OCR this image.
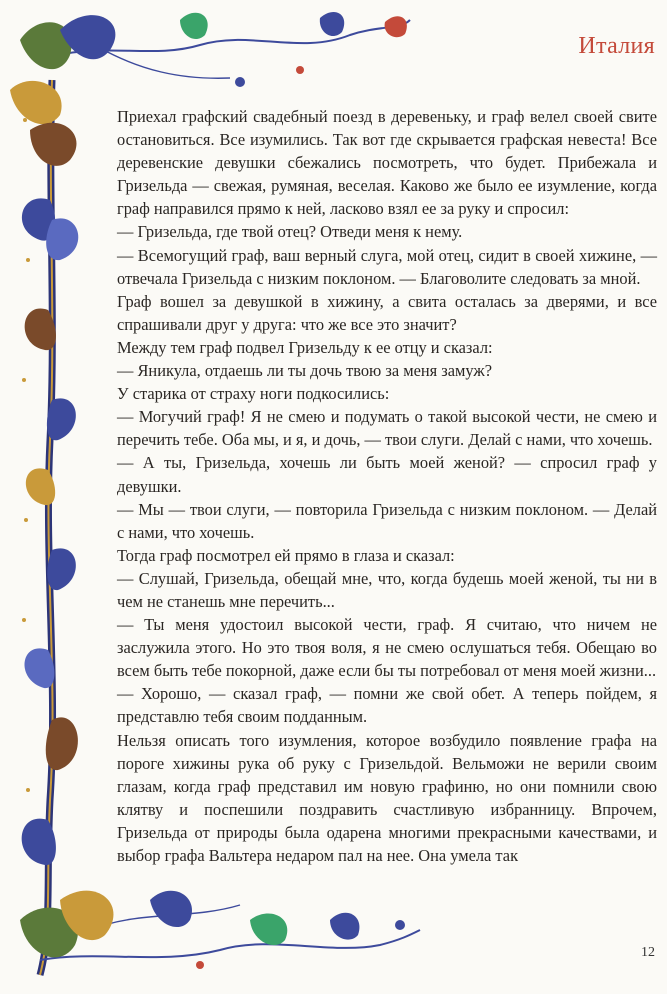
Италия

Приехал графский свадебный поезд в деревеньку, и граф велел своей свите остановиться. Все изумились. Так вот где скрывается графская невеста! Все деревенские девушки сбежались посмотреть, что будет. Прибежала и Гризельда — свежая, румяная, веселая. Каково же было ее изумление, когда граф направился прямо к ней, ласково взял ее за руку и спросил:

— Гризельда, где твой отец? Отведи меня к нему.

— Всемогущий граф, ваш верный слуга, мой отец, сидит в своей хижине, — отвечала Гризельда с низким поклоном. — Благоволите следовать за мной.

Граф вошел за девушкой в хижину, а свита осталась за дверями, и все спрашивали друг у друга: что же все это значит?

Между тем граф подвел Гризельду к ее отцу и сказал:

— Яникула, отдаешь ли ты дочь твою за меня замуж?

У старика от страху ноги подкосились:

— Могучий граф! Я не смею и подумать о такой высокой чести, не смею и перечить тебе. Оба мы, и я, и дочь, — твои слуги. Делай с нами, что хочешь.

— А ты, Гризельда, хочешь ли быть моей женой? — спросил граф у девушки.

— Мы — твои слуги, — повторила Гризельда с низким поклоном. — Делай с нами, что хочешь.

Тогда граф посмотрел ей прямо в глаза и сказал:

— Слушай, Гризельда, обещай мне, что, когда будешь моей женой, ты ни в чем не станешь мне перечить...

— Ты меня удостоил высокой чести, граф. Я считаю, что ничем не заслужила этого. Но это твоя воля, я не смею ослушаться тебя. Обещаю во всем быть тебе покорной, даже если бы ты потребовал от меня моей жизни...

— Хорошо, — сказал граф, — помни же свой обет. А теперь пойдем, я представлю тебя своим подданным.

Нельзя описать того изумления, которое возбудило появление графа на пороге хижины рука об руку с Гризельдой. Вельможи не верили своим глазам, когда граф представил им новую графиню, но они помнили свою клятву и поспешили поздравить счастливую избранницу. Впрочем, Гризельда от природы была одарена многими прекрасными качествами, и выбор графа Вальтера недаром пал на нее. Она умела так

12
